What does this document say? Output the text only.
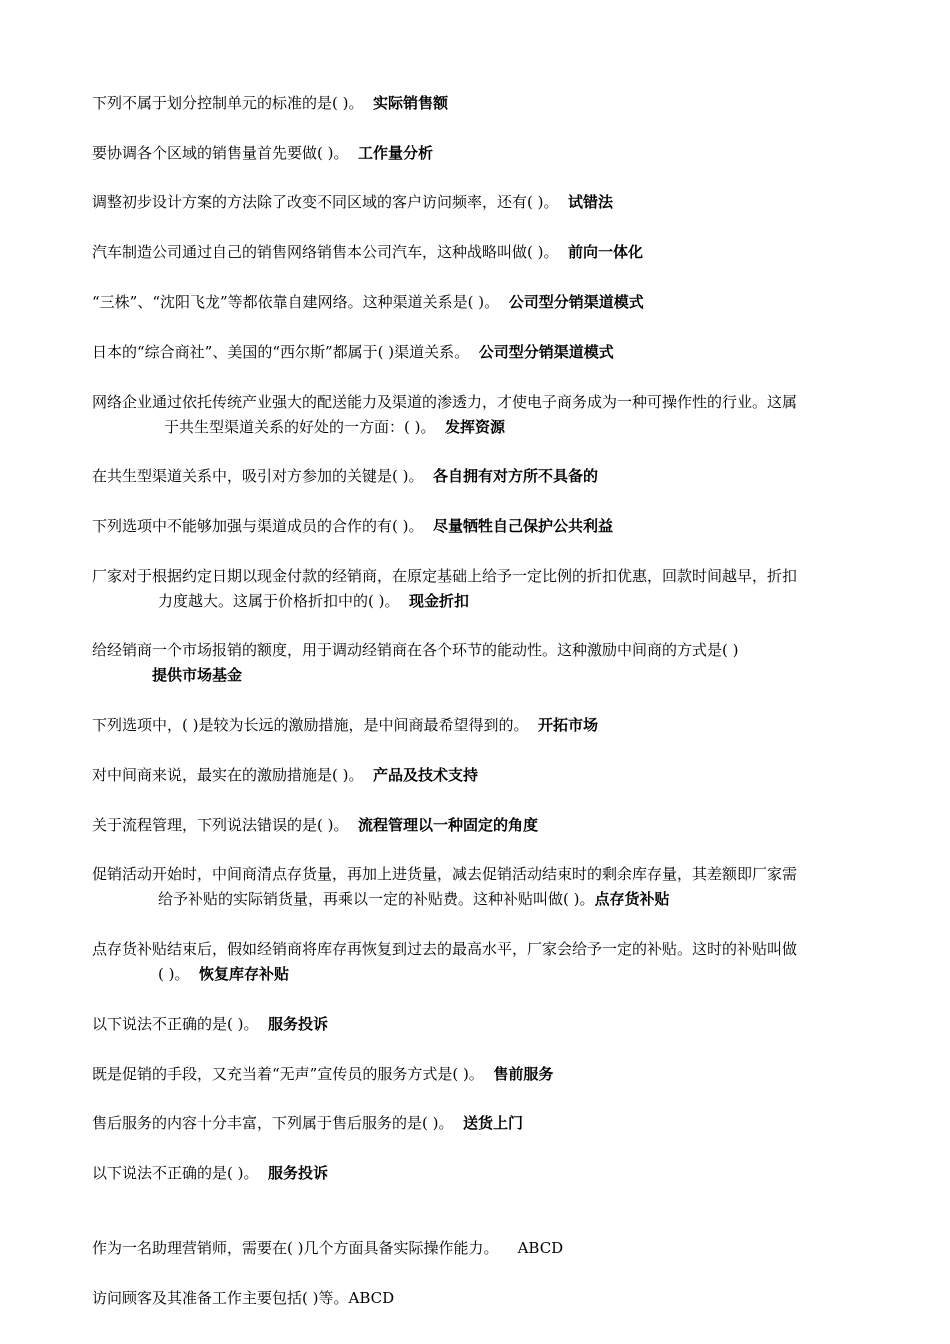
下列不属于划分控制单元的标准的是( )。 实际销售额
要协调各个区域的销售量首先要做( )。 工作量分析
调整初步设计方案的方法除了改变不同区域的客户访问频率，还有( )。 试错法
汽车制造公司通过自己的销售网络销售本公司汽车，这种战略叫做( )。 前向一体化
“三株”、“沈阳飞龙”等都依靠自建网络。这种渠道关系是( )。 公司型分销渠道模式
日本的“综合商社”、美国的“西尔斯”都属于( )渠道关系。 公司型分销渠道模式
网络企业通过依托传统产业强大的配送能力及渠道的渗透力，才使电子商务成为一种可操作性的行业。这属
于共生型渠道关系的好处的一方面：( )。 发挥资源
在共生型渠道关系中，吸引对方参加的关键是( )。 各自拥有对方所不具备的
下列选项中不能够加强与渠道成员的合作的有( )。 尽量牺牲自己保护公共利益
厂家对于根据约定日期以现金付款的经销商，在原定基础上给予一定比例的折扣优惠，回款时间越早，折扣
力度越大。这属于价格折扣中的( )。 现金折扣
给经销商一个市场报销的额度，用于调动经销商在各个环节的能动性。这种激励中间商的方式是( )
提供市场基金
下列选项中，( )是较为长远的激励措施，是中间商最希望得到的。 开拓市场
对中间商来说，最实在的激励措施是( )。 产品及技术支持
关于流程管理，下列说法错误的是( )。 流程管理以一种固定的角度
促销活动开始时，中间商清点存货量，再加上进货量，减去促销活动结束时的剩余库存量，其差额即厂家需
给予补贴的实际销货量，再乘以一定的补贴费。这种补贴叫做( )。点存货补贴
点存货补贴结束后，假如经销商将库存再恢复到过去的最高水平，厂家会给予一定的补贴。这时的补贴叫做
( )。 恢复库存补贴
以下说法不正确的是( )。 服务投诉
既是促销的手段，又充当着“无声”宣传员的服务方式是( )。 售前服务
售后服务的内容十分丰富，下列属于售后服务的是( )。 送货上门
以下说法不正确的是( )。 服务投诉
作为一名助理营销师，需要在( )几个方面具备实际操作能力。 ABCD
访问顾客及其准备工作主要包括( )等。ABCD
